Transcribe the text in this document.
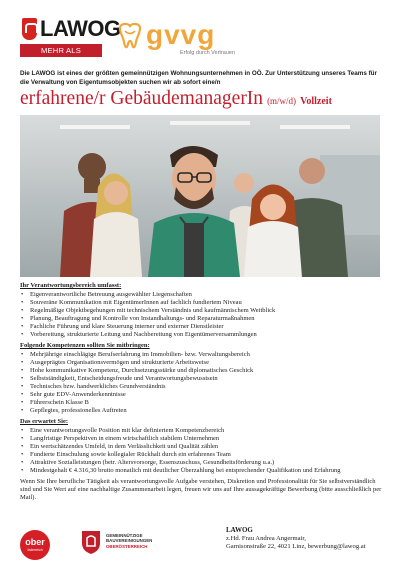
LAWOG
MEHR ALS GEWOHNT
gvvg
Erfolg durch Vertrauen
Die LAWOG ist eines der größten gemeinnützigen Wohnungsunternehmen in OÖ. Zur Unterstützung unseres Teams für die Verwaltung von Eigentumsobjekten suchen wir ab sofort eine/n
erfahrene/r GebäudemanagerIn (m/w/d) Vollzeit
Ihr Verantwortungsbereich umfasst:
• Eigenverantwortliche Betreuung ausgewählter Liegenschaften
• Souveräne Kommunikation mit EigentümerInnen auf fachlich fundiertem Niveau
• Regelmäßige Objektbegehungen mit technischem Verständnis und kaufmännischem Weitblick
• Planung, Beauftragung und Kontrolle von Instandhaltungs- und Reparaturmaßnahmen
• Fachliche Führung und klare Steuerung interner und externer Dienstleister
• Vorbereitung, strukturierte Leitung und Nachbereitung von Eigentümerversammlungen
Folgende Kompetenzen sollten Sie mitbringen:
• Mehrjährige einschlägige Berufserfahrung im Immobilien- bzw. Verwaltungsbereich
• Ausgeprägtes Organisationsvermögen und strukturierte Arbeitsweise
• Hohe kommunikative Kompetenz, Durchsetzungsstärke und diplomatisches Geschick
• Selbstständigkeit, Entscheidungsfreude und Verantwortungsbewusstsein
• Technisches bzw. handwerkliches Grundverständnis
• Sehr gute EDV-Anwenderkenntnisse
• Führerschein Klasse B
• Gepflegtes, professionelles Auftreten
Das erwartet Sie:
• Eine verantwortungsvolle Position mit klar definiertem Kompetenzbereich
• Langfristige Perspektiven in einem wirtschaftlich stabilem Unternehmen
• Ein wertschätzendes Umfeld, in dem Verlässlichkeit und Qualität zählen
• Fundierte Einschulung sowie kollegialer Rückhalt durch ein erfahrenes Team
• Attraktive Sozialleistungen (betr. Altersvorsorge, Essenszuschuss, Gesundheitsförderung u.a.)
• Mindestgehalt € 4.316,30 brutto monatlich mit deutlicher Überzahlung bei entsprechender Qualifikation und Erfahrung

Wenn Sie Ihre berufliche Tätigkeit als verantwortungsvolle Aufgabe verstehen, Diskretion und Professionalität für Sie selbstverständlich sind und Sie Wert auf eine nachhaltige Zusammenarbeit legen, freuen wir uns auf Ihre aussagekräftige Bewerbung (bitte ausschließlich per Mail).

ober
österreich
GEMEINNÜTZIGE
BAUVEREINIGUNGEN
OBERÖSTERREICH
LAWOG
z.Hd. Frau Andrea Angermair,
Garnisonstraße 22, 4021 Linz, bewerbung@lawog.at
